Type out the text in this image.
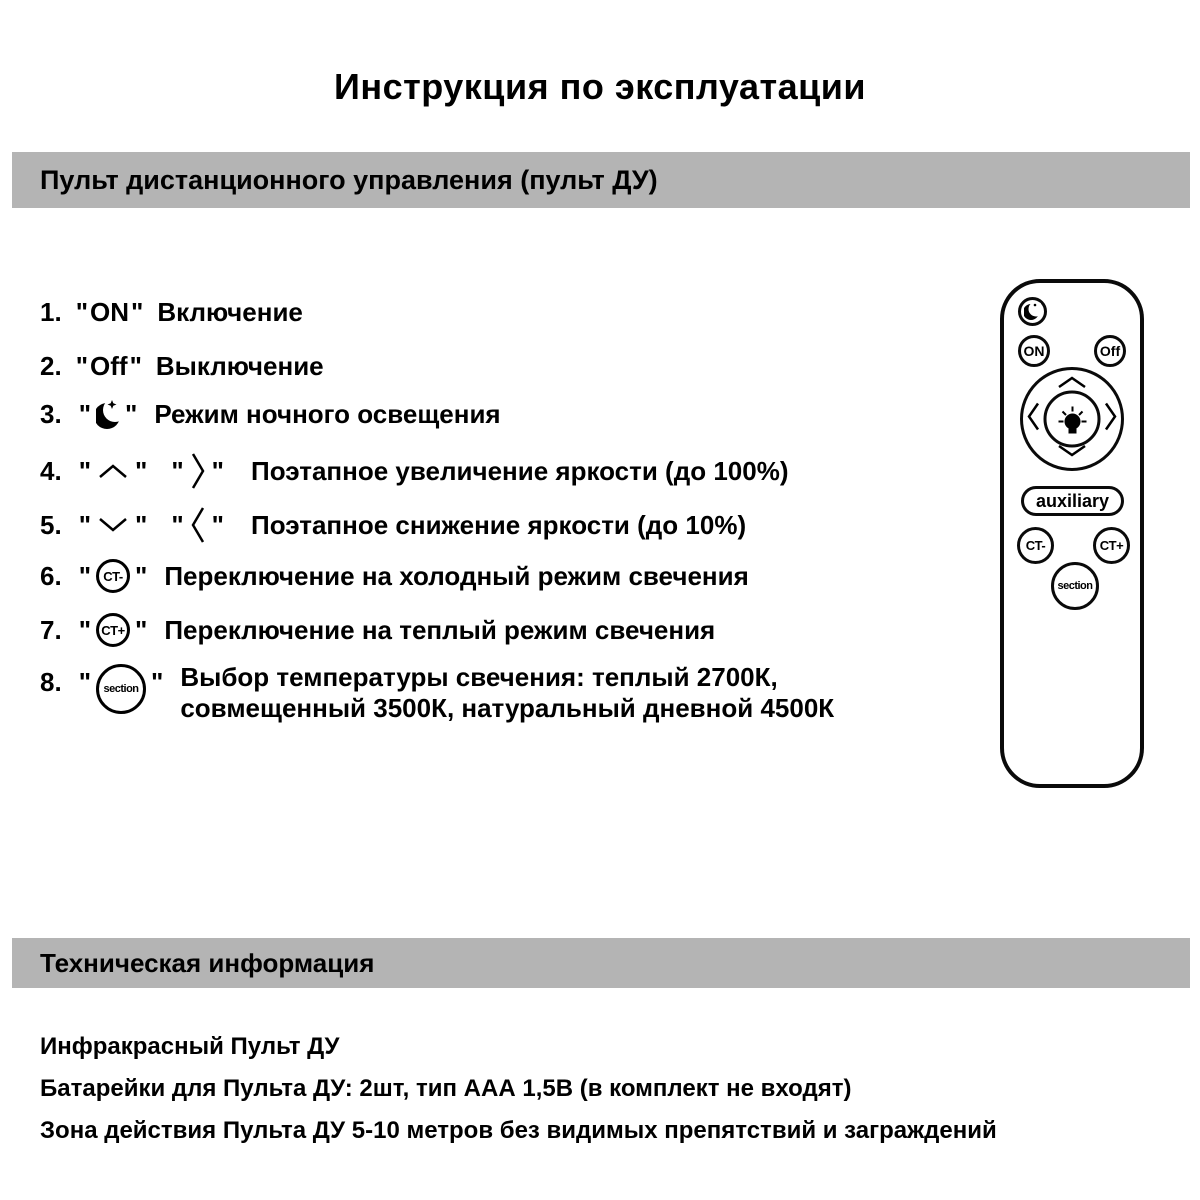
Инструкция по эксплуатации
Пульт дистанционного управления (пульт ДУ)
1. " ON " Включение
2. " Off " Выключение
3. " " Режим ночного освещения
4. " " " " Поэтапное увеличение яркости (до 100%)
5. " " " " Поэтапное снижение яркости (до 10%)
6. " CT- " Переключение на холодный режим свечения
7. " CT+ " Переключение на теплый режим свечения
8. " section " Выбор температуры свечения: теплый 2700К,
совмещенный 3500К, натуральный дневной 4500К
ON	Off
auxiliary
CT-	CT+
section
Техническая информация
Инфракрасный Пульт ДУ
Батарейки для Пульта ДУ: 2шт, тип ААА 1,5В (в комплект не входят)
Зона действия Пульта ДУ 5-10 метров без видимых препятствий и заграждений
